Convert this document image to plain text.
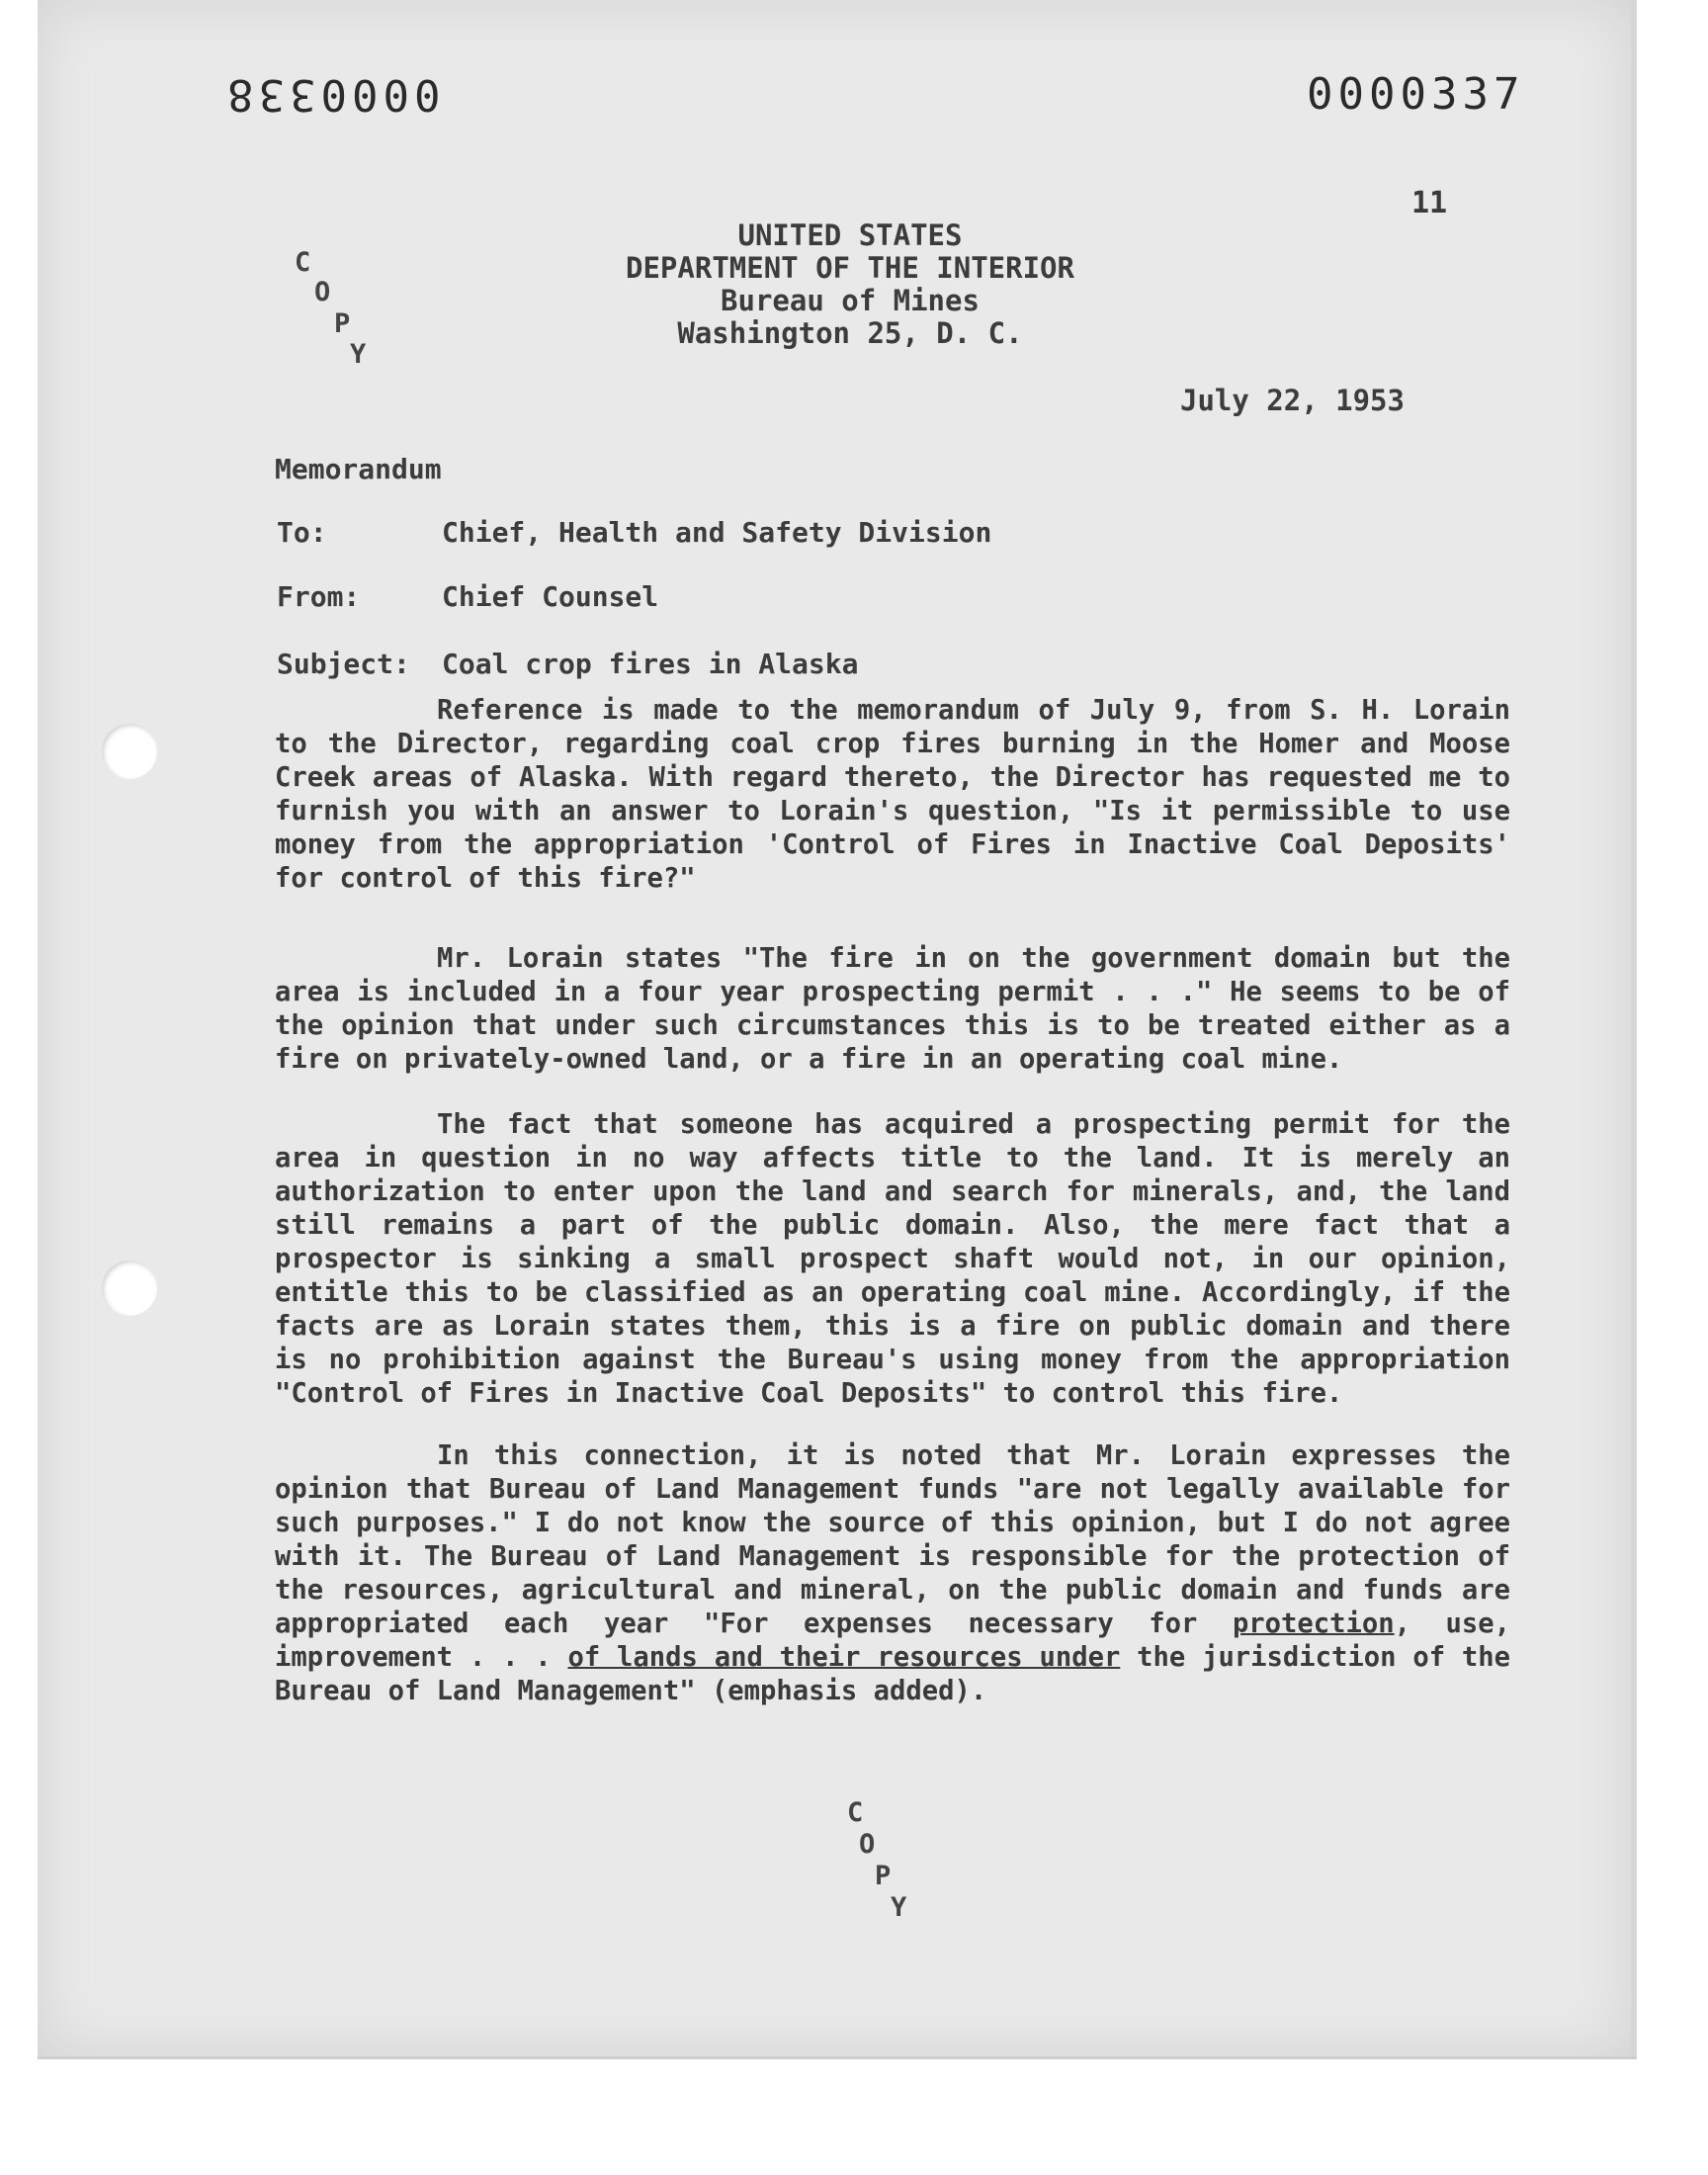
0000338	0000337
11
C
O
P
Y
UNITED STATES
DEPARTMENT OF THE INTERIOR
Bureau of Mines
Washington 25, D. C.
July 22, 1953
Memorandum
To:	Chief, Health and Safety Division
From:	Chief Counsel
Subject: Coal crop fires in Alaska

Reference is made to the memorandum of July 9, from S. H. Lorain to the Director, regarding coal crop fires burning in the Homer and Moose Creek areas of Alaska. With regard thereto, the Director has requested me to furnish you with an answer to Lorain's question, "Is it permissible to use money from the appropriation 'Control of Fires in Inactive Coal Deposits' for control of this fire?"

Mr. Lorain states "The fire in on the government domain but the area is included in a four year prospecting permit . . ." He seems to be of the opinion that under such circumstances this is to be treated either as a fire on privately-owned land, or a fire in an operating coal mine.

The fact that someone has acquired a prospecting permit for the area in question in no way affects title to the land. It is merely an authorization to enter upon the land and search for minerals, and, the land still remains a part of the public domain. Also, the mere fact that a prospector is sinking a small prospect shaft would not, in our opinion, entitle this to be classified as an operating coal mine. Accordingly, if the facts are as Lorain states them, this is a fire on public domain and there is no prohibition against the Bureau's using money from the appropriation "Control of Fires in Inactive Coal Deposits" to control this fire.

In this connection, it is noted that Mr. Lorain expresses the opinion that Bureau of Land Management funds "are not legally available for such purposes." I do not know the source of this opinion, but I do not agree with it. The Bureau of Land Management is responsible for the protection of the resources, agricultural and mineral, on the public domain and funds are appropriated each year "For expenses necessary for protection, use, improvement . . . of lands and their resources under the jurisdiction of the Bureau of Land Management" (emphasis added).

C
O
P
Y
